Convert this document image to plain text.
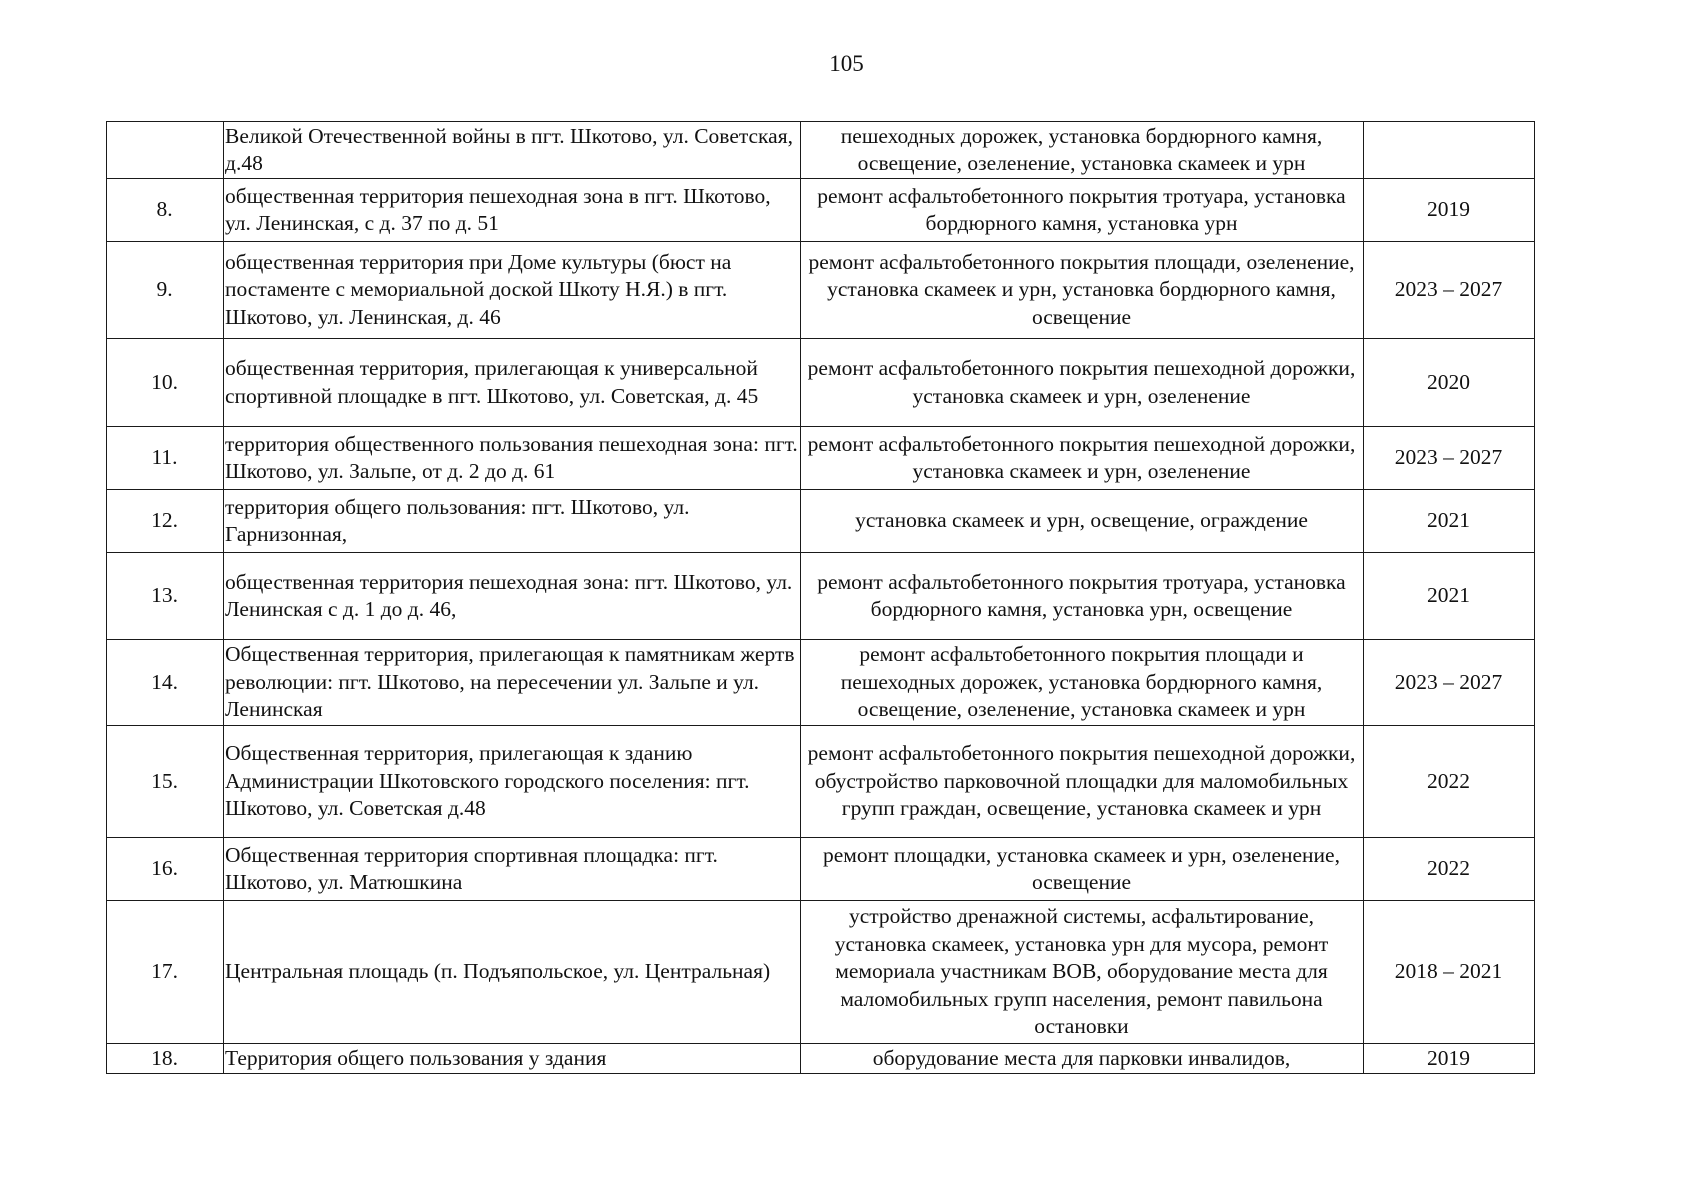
105
	Великой Отечественной войны в пгт. Шкотово, ул. Советская, д.48	пешеходных дорожек, установка бордюрного камня, освещение, озеленение, установка скамеек и урн	
8.	общественная территория пешеходная зона в пгт. Шкотово, ул. Ленинская, с д. 37 по д. 51	ремонт асфальтобетонного покрытия тротуара, установка бордюрного камня, установка урн	2019
9.	общественная территория при Доме культуры (бюст на постаменте с мемориальной доской Шкоту Н.Я.) в пгт. Шкотово, ул. Ленинская, д. 46	ремонт асфальтобетонного покрытия площади, озеленение, установка скамеек и урн, установка бордюрного камня, освещение	2023 – 2027
10.	общественная территория, прилегающая к универсальной спортивной площадке в пгт. Шкотово, ул. Советская, д. 45	ремонт асфальтобетонного покрытия пешеходной дорожки, установка скамеек и урн, озеленение	2020
11.	территория общественного пользования пешеходная зона: пгт. Шкотово, ул. Зальпе, от д. 2 до д. 61	ремонт асфальтобетонного покрытия пешеходной дорожки, установка скамеек и урн, озеленение	2023 – 2027
12.	территория общего пользования: пгт. Шкотово, ул. Гарнизонная,	установка скамеек и урн, освещение, ограждение	2021
13.	общественная территория пешеходная зона: пгт. Шкотово, ул. Ленинская с д. 1 до д. 46,	ремонт асфальтобетонного покрытия тротуара, установка бордюрного камня, установка урн, освещение	2021
14.	Общественная территория, прилегающая к памятникам жертв революции: пгт. Шкотово, на пересечении ул. Зальпе и ул. Ленинская	ремонт асфальтобетонного покрытия площади и пешеходных дорожек, установка бордюрного камня, освещение, озеленение, установка скамеек и урн	2023 – 2027
15.	Общественная территория, прилегающая к зданию Администрации Шкотовского городского поселения: пгт. Шкотово, ул. Советская д.48	ремонт асфальтобетонного покрытия пешеходной дорожки, обустройство парковочной площадки для маломобильных групп граждан, освещение, установка скамеек и урн	2022
16.	Общественная территория спортивная площадка: пгт. Шкотово, ул. Матюшкина	ремонт площадки, установка скамеек и урн, озеленение, освещение	2022
17.	Центральная площадь (п. Подъяпольское, ул. Центральная)	устройство дренажной системы, асфальтирование, установка скамеек, установка урн для мусора, ремонт мемориала участникам ВОВ, оборудование места для маломобильных групп населения, ремонт павильона остановки	2018 – 2021
18.	Территория общего пользования у здания	оборудование места для парковки инвалидов,	2019
